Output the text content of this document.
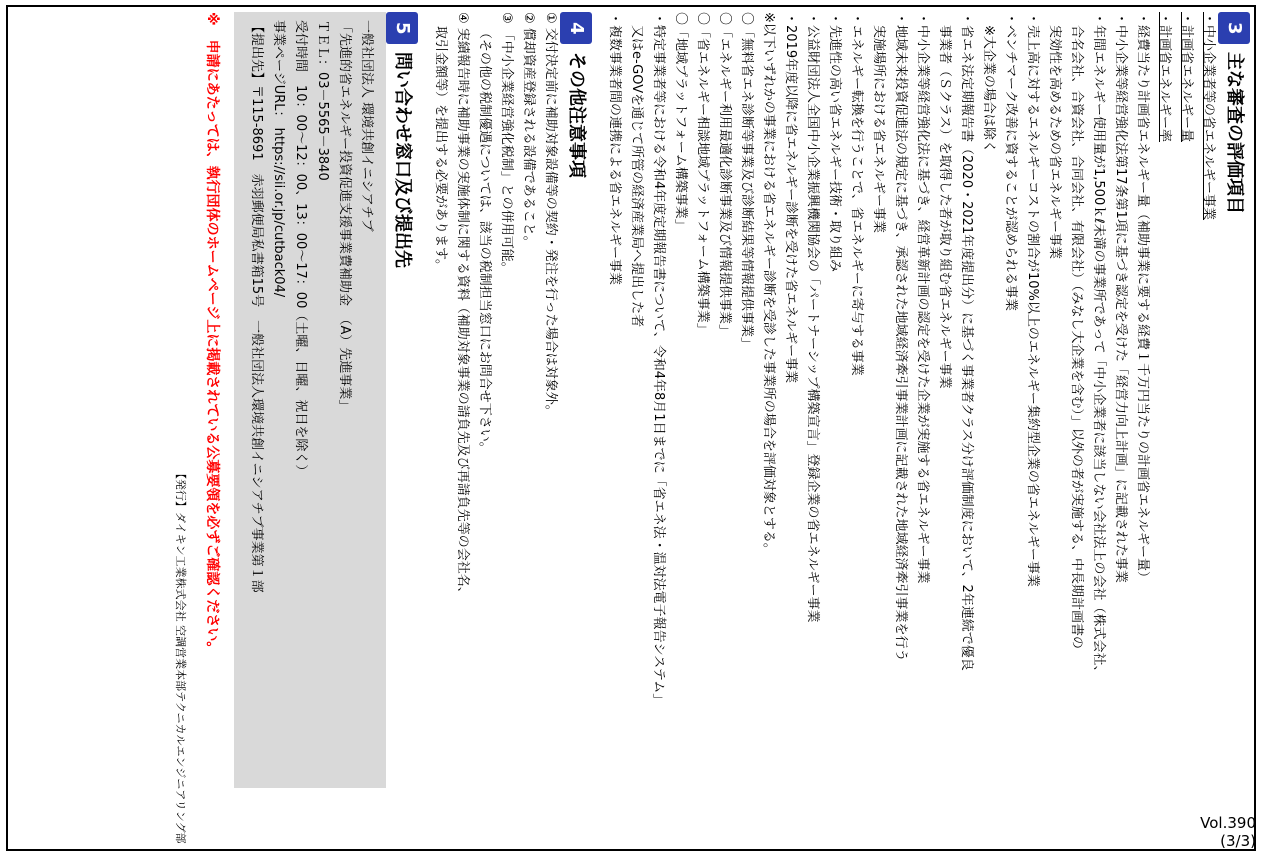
3
主な審査の評価項目
・中小企業者等の省エネルギー事業
・計画省エネルギー量
・計画省エネルギー率
・経費当たり計画省エネルギー量（補助事業に要する経費１千万円当たりの計画省エネルギー量）
・中小企業等経営強化法第17条第1項に基づき認定を受けた「経営力向上計画」に記載された事業
・年間エネルギー使用量が1,500ｋℓ未満の事業所であって「中小企業者に該当しない会社法上の会社（株式会社、
　合名会社、合資会社、合同会社、有限会社）（みなし大企業を含む）」以外の者が実施する、中長期計画書の
　実効性を高めるための省エネルギー事業
・売上高に対するエネルギーコストの割合が10%以上のエネルギー集約型企業の省エネルギー事業
・ベンチマーク改善に資することが認められる事業
　※大企業の場合は除く
・省エネ法定期報告書（2020・2021年度提出分）に基づく事業者クラス分け評価制度において、2年連続で優良
　事業者（Ｓクラス）を取得した者が取り組む省エネルギー事業
・中小企業等経営強化法に基づき、経営革新計画の認定を受けた企業が実施する省エネルギー事業
・地域未来投資促進法の規定に基づき、承認された地域経済牽引事業計画に記載された地域経済牽引事業を行う
　実施場所における省エネルギー事業
・エネルギー転換を行うことで、省エネルギーに寄与する事業
・先進性の高い省エネルギー技術・取り組み
・公益財団法人全国中小企業振興機関協会の「パートナーシップ構築宣言」登録企業の省エネルギー事業
・2019年度以降に省エネルギー診断を受けた省エネルギー事業
※以下いずれかの事業における省エネルギー診断を受診した事業所の場合を評価対象とする。
〇「無料省エネ診断等事業及び診断結果等情報提供事業」
〇「エネルギー利用最適化診断事業及び情報提供事業」
〇「省エネルギー相談地域プラットフォーム構築事業」
〇「地域プラットフォーム構築事業」
・特定事業者等における令和4年度定期報告書について、令和4年8月1日までに「省エネ法・温対法電子報告システム」
　又はe-GOVを通じて所管の経済産業局へ提出した者
・複数事業者間の連携による省エネルギー事業
4
その他注意事項
① 交付決定前に補助対象設備等の契約・発注を行った場合は対象外。
② 償却資産登録される設備であること。
③ 「中小企業経営強化税制」との併用可能。
（その他の税制優遇については、該当の税制担当窓口にお問合せ下さい。
④ 実績報告時に補助事業の実施体制に関する資料（補助対象事業の請負先及び再請負先等の会社名、
取引金額等）を提出する必要があります。
5
問い合わせ窓口及び提出先
一般社団法人 環境共創イニシアチブ
「先進的省エネルギー投資促進支援事業費補助金　（A）先進事業」
ＴＥＬ：03－5565－3840
受付時間　10：00～12：00、13：00～17：00（土曜、日曜、祝日を除く）
事業ページURL： https://sii.or.jp/cutback04/
【提出先】〒115-8691　赤羽郵便局私書箱15号　一般社団法人環境共創イニシアチブ事業第１部
※　申請にあたっては、執行団体のホームページ上に掲載されている公募要領を必ずご確認ください。
【発行】ダイキン工業株式会社 空調営業本部テクニカルエンジニアリング部	Vol.390
(3/3)
